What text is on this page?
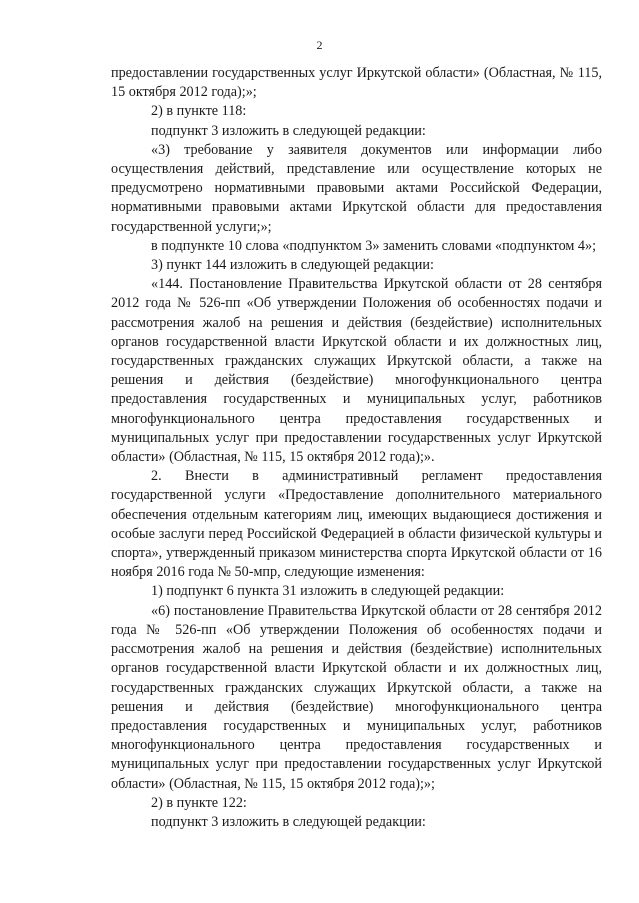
2

предоставлении государственных услуг Иркутской области» (Областная, № 115, 15 октября 2012 года);»;

2) в пункте 118:

подпункт 3 изложить в следующей редакции:

«3) требование у заявителя документов или информации либо осуществления действий, представление или осуществление которых не предусмотрено нормативными правовыми актами Российской Федерации, нормативными правовыми актами Иркутской области для предоставления государственной услуги;»;

в подпункте 10 слова «подпунктом 3» заменить словами «подпунктом 4»;

3) пункт 144 изложить в следующей редакции:

«144. Постановление Правительства Иркутской области от 28 сентября 2012 года № 526-пп «Об утверждении Положения об особенностях подачи и рассмотрения жалоб на решения и действия (бездействие) исполнительных органов государственной власти Иркутской области и их должностных лиц, государственных гражданских служащих Иркутской области, а также на решения и действия (бездействие) многофункционального центра предоставления государственных и муниципальных услуг, работников многофункционального центра предоставления государственных и муниципальных услуг при предоставлении государственных услуг Иркутской области» (Областная, № 115, 15 октября 2012 года);».

2. Внести в административный регламент предоставления государственной услуги «Предоставление дополнительного материального обеспечения отдельным категориям лиц, имеющих выдающиеся достижения и особые заслуги перед Российской Федерацией в области физической культуры и спорта», утвержденный приказом министерства спорта Иркутской области от 16 ноября 2016 года № 50-мпр, следующие изменения:

1) подпункт 6 пункта 31 изложить в следующей редакции:

«6) постановление Правительства Иркутской области от 28 сентября 2012 года № 526-пп «Об утверждении Положения об особенностях подачи и рассмотрения жалоб на решения и действия (бездействие) исполнительных органов государственной власти Иркутской области и их должностных лиц, государственных гражданских служащих Иркутской области, а также на решения и действия (бездействие) многофункционального центра предоставления государственных и муниципальных услуг, работников многофункционального центра предоставления государственных и муниципальных услуг при предоставлении государственных услуг Иркутской области» (Областная, № 115, 15 октября 2012 года);»;

2) в пункте 122:

подпункт 3 изложить в следующей редакции:
